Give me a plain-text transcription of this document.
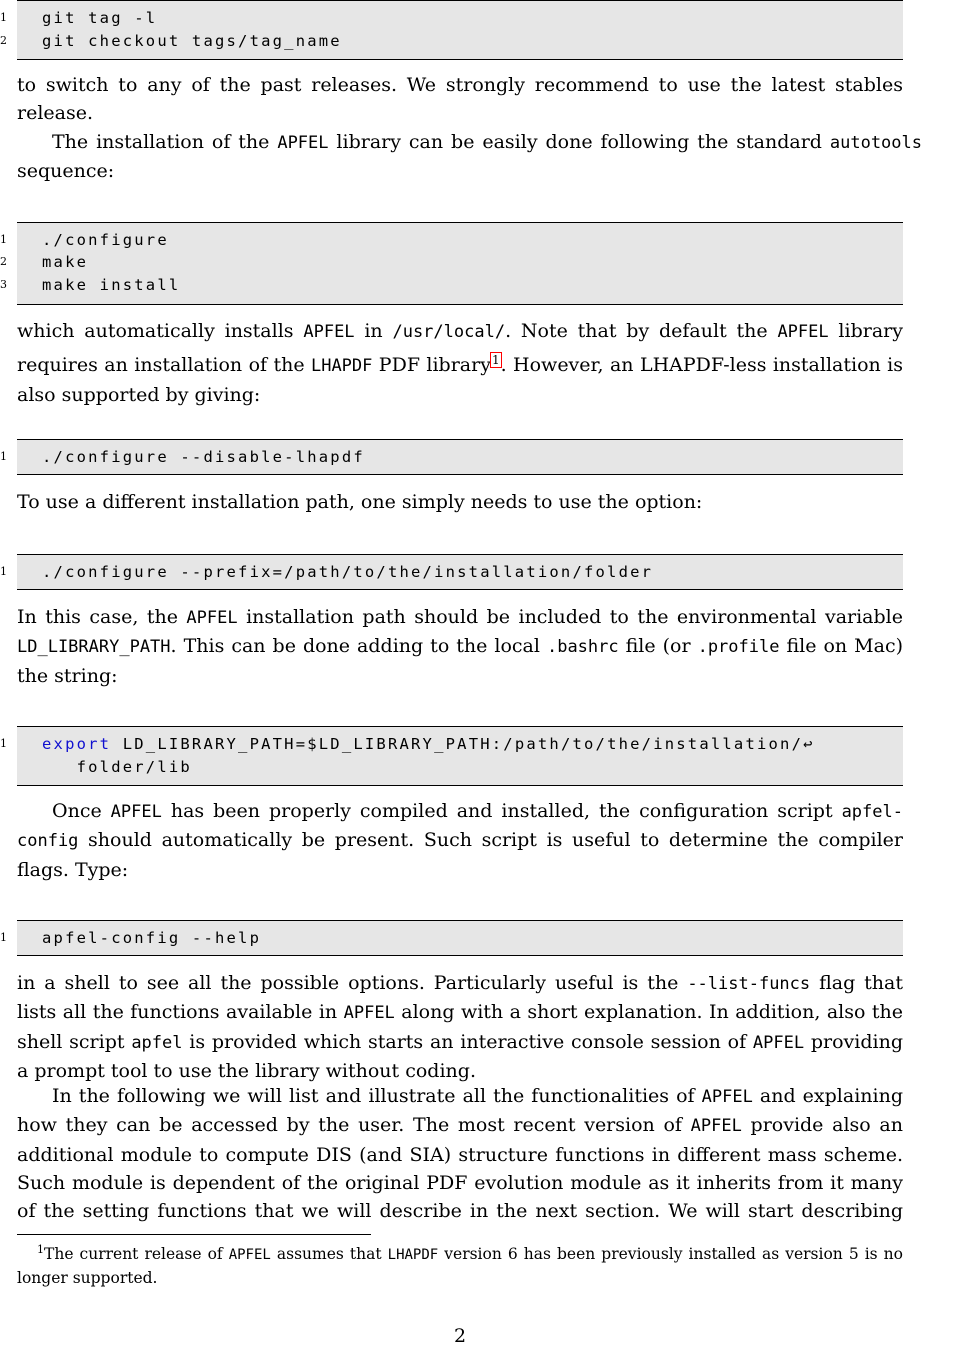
1 git tag -l
2 git checkout tags/tag_name

to switch to any of the past releases. We strongly recommend to use the latest stables release.

The installation of the APFEL library can be easily done following the standard autotools sequence:

1 ./configure
2 make
3 make install

which automatically installs APFEL in /usr/local/. Note that by default the APFEL library requires an installation of the LHAPDF PDF library$^1$. However, an LHAPDF-less installation is also supported by giving:

1 ./configure --disable-lhapdf

To use a different installation path, one simply needs to use the option:

1 ./configure --prefix=/path/to/the/installation/folder

In this case, the APFEL installation path should be included to the environmental variable LD_LIBRARY_PATH. This can be done adding to the local .bashrc file (or .profile file on Mac) the string:

1 export LD_LIBRARY_PATH=$LD_LIBRARY_PATH:/path/to/the/installation/↩
folder/lib

Once APFEL has been properly compiled and installed, the configuration script apfel-config should automatically be present. Such script is useful to determine the compiler flags. Type:

1 apfel-config --help

in a shell to see all the possible options. Particularly useful is the --list-funcs flag that lists all the functions available in APFEL along with a short explanation. In addition, also the shell script apfel is provided which starts an interactive console session of APFEL providing a prompt tool to use the library without coding.

In the following we will list and illustrate all the functionalities of APFEL and explaining how they can be accessed by the user. The most recent version of APFEL provide also an additional module to compute DIS (and SIA) structure functions in different mass scheme. Such module is dependent of the original PDF evolution module as it inherits from it many of the setting functions that we will describe in the next section. We will start describing

$^1$The current release of APFEL assumes that LHAPDF version 6 has been previously installed as version 5 is no longer supported.

2
